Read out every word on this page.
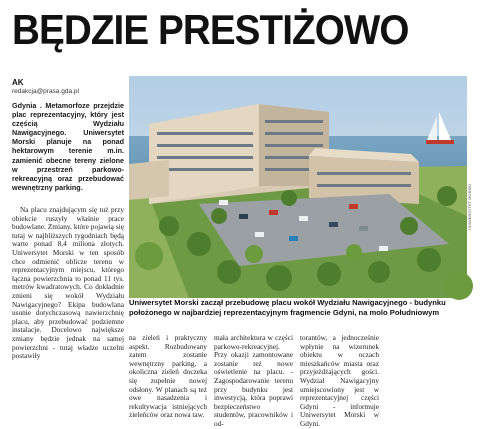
BĘDZIE PRESTIŻOWO
AK
redakcja@prasa.gda.pl
Gdynia . Metamorfoze przejdzie plac reprezentacyjny, który jest częścią Wydziału Nawigacyjnego. Uniwersytet Morski planuje na ponad hektarowym terenie m.in. zamienić obecne tereny zielone w przestrzeń parkowo-rekreacyjną oraz przebudować wewnętrzny parking.

Na placu znajdującym się tuż przy obiekcie ruszyły właśnie prace budowlane. Zmiany, które pojawią się tutaj w najbliższych tygodniach będą warte ponad 8,4 miliona złotych. Uniwersytet Morski w ten sposób chce odmienić oblicze terenu w reprezentacyjnym miejscu, którego łączna powierzchnia to ponad 11 tys. metrów kwadratowych. Co dokładnie zmieni się wokół Wydziału Nawigacyjnego? Ekipa budowlana usunie dotychczasową nawierzchnię placu, aby przebudować podziemne instalacje. Docelowo największe zmiany będzie jednak na samej powierzchni - tutaj władze uczelni postawiły

UNIWERSYTET MORSKI
Uniwersytet Morski zaczął przebudowę placu wokół Wydziału Nawigacyjnego - budynku położonego w najbardziej reprezentacyjnym fragmencie Gdyni, na molo Południowym

na zieleń i praktyczny aspekt. Rozbudowany zatem zostanie wewnętrzny parking, a okoliczna zieleń doczeka się zupełnie nowej odsłony. W planach są też owe nasadzenia i rekultywacja istniejących zieleńców oraz nowa taw.

mała architektura w części parkowo-rekreacyjnej. Przy okazji zamontowane zostanie też nowe oświetlenie na placu. - Zagospodarowanie terenu przy budynku jest inwestycją, która poprawi bezpieczeństwo studentów, pracowników i od-

torantów, a jednocześnie wpłynie na wizerunek obiektu w oczach mieszkańców miasta oraz przyjeżdżających gości. Wydział Nawigacyjny umiejscowiony jest w reprezentacyjnej części Gdyni - informuje Uniwersytet Morski w Gdyni.
